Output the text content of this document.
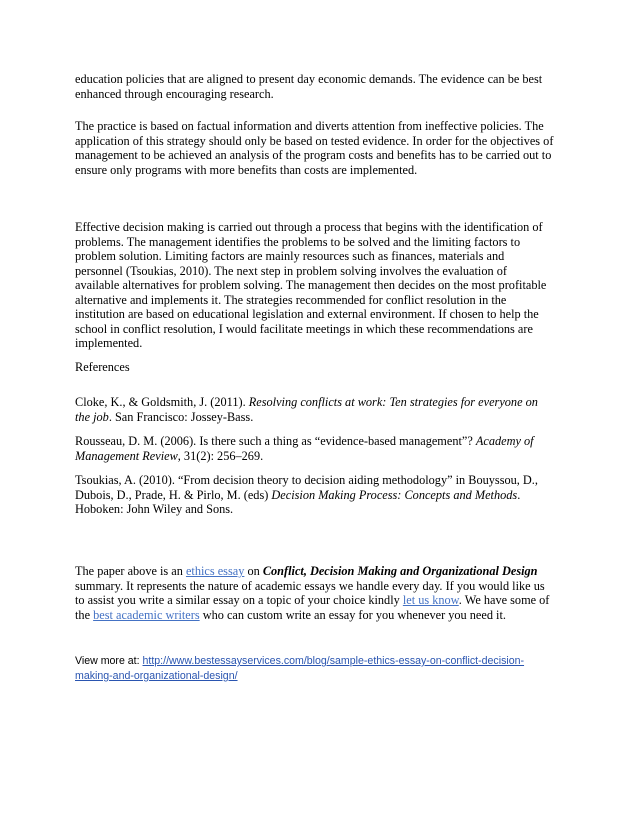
education policies that are aligned to present day economic demands. The evidence can be best
enhanced through encouraging research.

The practice is based on factual information and diverts attention from ineffective policies. The
application of this strategy should only be based on tested evidence. In order for the objectives of
management to be achieved an analysis of the program costs and benefits has to be carried out to
ensure only programs with more benefits than costs are implemented.

Effective decision making is carried out through a process that begins with the identification of
problems. The management identifies the problems to be solved and the limiting factors to
problem solution. Limiting factors are mainly resources such as finances, materials and
personnel (Tsoukias, 2010). The next step in problem solving involves the evaluation of
available alternatives for problem solving. The management then decides on the most profitable
alternative and implements it. The strategies recommended for conflict resolution in the
institution are based on educational legislation and external environment. If chosen to help the
school in conflict resolution, I would facilitate meetings in which these recommendations are
implemented.

References

Cloke, K., & Goldsmith, J. (2011). Resolving conflicts at work: Ten strategies for everyone on
the job. San Francisco: Jossey-Bass.

Rousseau, D. M. (2006). Is there such a thing as “evidence-based management”? Academy of
Management Review, 31(2): 256–269.

Tsoukias, A. (2010). “From decision theory to decision aiding methodology” in Bouyssou, D.,
Dubois, D., Prade, H. & Pirlo, M. (eds) Decision Making Process: Concepts and Methods.
Hoboken: John Wiley and Sons.

The paper above is an ethics essay on Conflict, Decision Making and Organizational Design
summary. It represents the nature of academic essays we handle every day. If you would like us
to assist you write a similar essay on a topic of your choice kindly let us know. We have some of
the best academic writers who can custom write an essay for you whenever you need it.

View more at: http://www.bestessayservices.com/blog/sample-ethics-essay-on-conflict-decision-
making-and-organizational-design/
